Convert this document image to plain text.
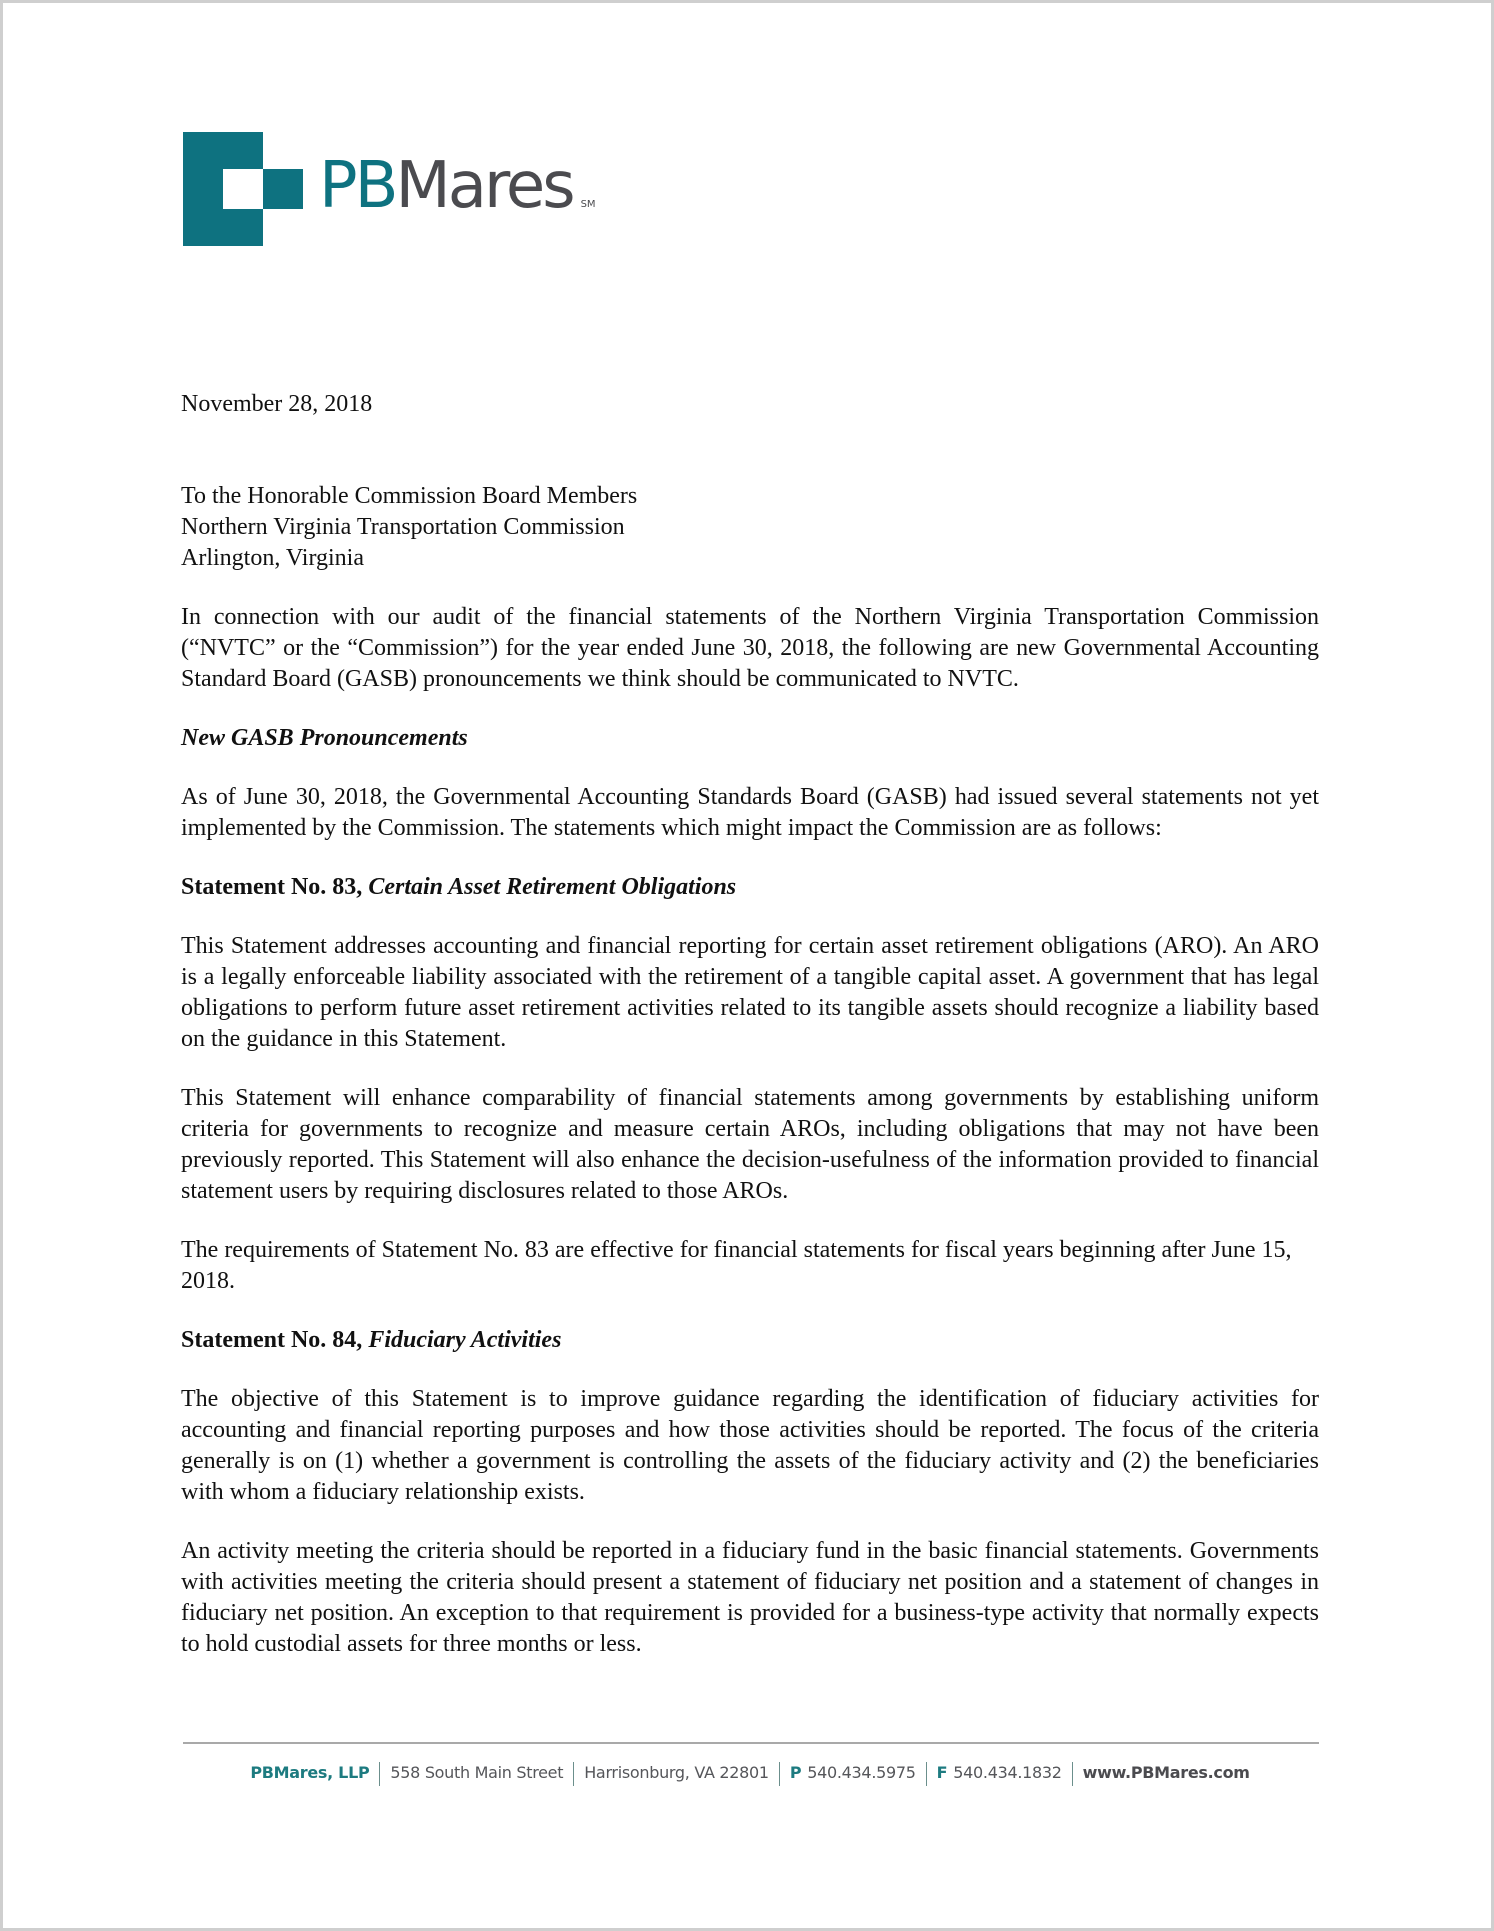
PBMares SM

November 28, 2018

To the Honorable Commission Board Members
Northern Virginia Transportation Commission
Arlington, Virginia

In connection with our audit of the financial statements of the Northern Virginia Transportation Commission (“NVTC” or the “Commission”) for the year ended June 30, 2018, the following are new Governmental Accounting Standard Board (GASB) pronouncements we think should be communicated to NVTC.

New GASB Pronouncements

As of June 30, 2018, the Governmental Accounting Standards Board (GASB) had issued several statements not yet implemented by the Commission. The statements which might impact the Commission are as follows:

Statement No. 83, Certain Asset Retirement Obligations

This Statement addresses accounting and financial reporting for certain asset retirement obligations (ARO). An ARO is a legally enforceable liability associated with the retirement of a tangible capital asset. A government that has legal obligations to perform future asset retirement activities related to its tangible assets should recognize a liability based on the guidance in this Statement.

This Statement will enhance comparability of financial statements among governments by establishing uniform criteria for governments to recognize and measure certain AROs, including obligations that may not have been previously reported. This Statement will also enhance the decision-usefulness of the information provided to financial statement users by requiring disclosures related to those AROs.

The requirements of Statement No. 83 are effective for financial statements for fiscal years beginning after June 15, 2018.

Statement No. 84, Fiduciary Activities

The objective of this Statement is to improve guidance regarding the identification of fiduciary activities for accounting and financial reporting purposes and how those activities should be reported. The focus of the criteria generally is on (1) whether a government is controlling the assets of the fiduciary activity and (2) the beneficiaries with whom a fiduciary relationship exists.

An activity meeting the criteria should be reported in a fiduciary fund in the basic financial statements. Governments with activities meeting the criteria should present a statement of fiduciary net position and a statement of changes in fiduciary net position. An exception to that requirement is provided for a business-type activity that normally expects to hold custodial assets for three months or less.

PBMares, LLP 558 South Main Street Harrisonburg, VA 22801 P 540.434.5975 F 540.434.1832 www.PBMares.com
